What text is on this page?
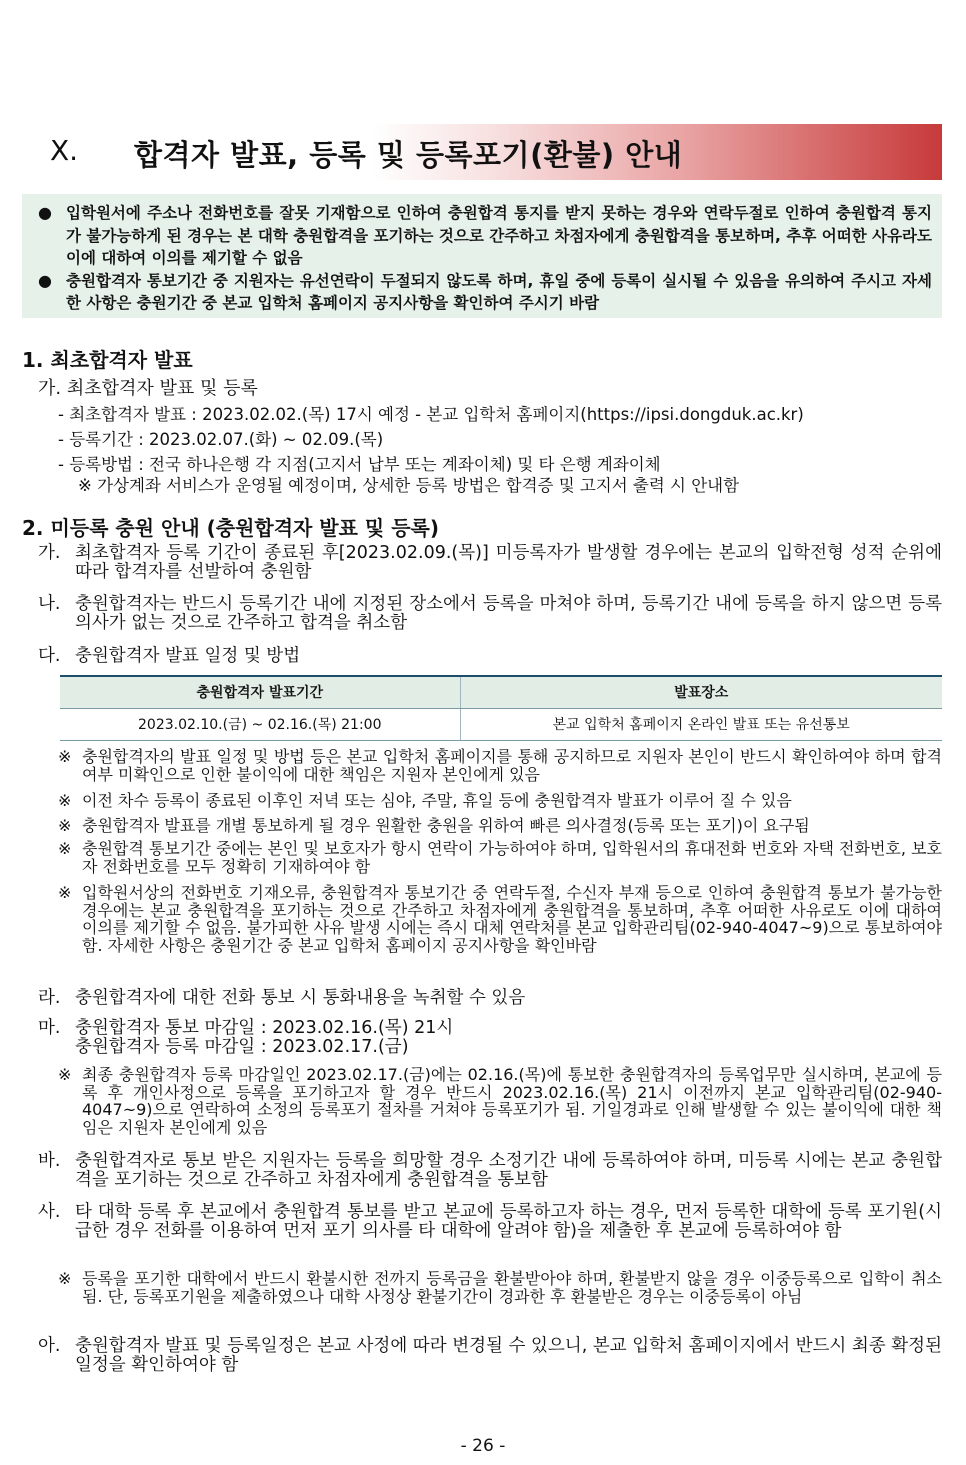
X. 합격자 발표, 등록 및 등록포기(환불) 안내
● 입학원서에 주소나 전화번호를 잘못 기재함으로 인하여 충원합격 통지를 받지 못하는 경우와 연락두절로 인하여 충원합격 통지가 불가능하게 된 경우는 본 대학 충원합격을 포기하는 것으로 간주하고 차점자에게 충원합격을 통보하며, 추후 어떠한 사유라도 이에 대하여 이의를 제기할 수 없음
● 충원합격자 통보기간 중 지원자는 유선연락이 두절되지 않도록 하며, 휴일 중에 등록이 실시될 수 있음을 유의하여 주시고 자세한 사항은 충원기간 중 본교 입학처 홈페이지 공지사항을 확인하여 주시기 바람
1. 최초합격자 발표
가. 최초합격자 발표 및 등록
- 최초합격자 발표 : 2023.02.02.(목) 17시 예정 - 본교 입학처 홈페이지(https://ipsi.dongduk.ac.kr)
- 등록기간 : 2023.02.07.(화) ~ 02.09.(목)
- 등록방법 : 전국 하나은행 각 지점(고지서 납부 또는 계좌이체) 및 타 은행 계좌이체
※ 가상계좌 서비스가 운영될 예정이며, 상세한 등록 방법은 합격증 및 고지서 출력 시 안내함
2. 미등록 충원 안내 (충원합격자 발표 및 등록)
가. 최초합격자 등록 기간이 종료된 후[2023.02.09.(목)] 미등록자가 발생할 경우에는 본교의 입학전형 성적 순위에 따라 합격자를 선발하여 충원함
나. 충원합격자는 반드시 등록기간 내에 지정된 장소에서 등록을 마쳐야 하며, 등록기간 내에 등록을 하지 않으면 등록 의사가 없는 것으로 간주하고 합격을 취소함
다. 충원합격자 발표 일정 및 방법
충원합격자 발표기간	발표장소
2023.02.10.(금) ~ 02.16.(목) 21:00	본교 입학처 홈페이지 온라인 발표 또는 유선통보
※ 충원합격자의 발표 일정 및 방법 등은 본교 입학처 홈페이지를 통해 공지하므로 지원자 본인이 반드시 확인하여야 하며 합격여부 미확인으로 인한 불이익에 대한 책임은 지원자 본인에게 있음
※ 이전 차수 등록이 종료된 이후인 저녁 또는 심야, 주말, 휴일 등에 충원합격자 발표가 이루어 질 수 있음
※ 충원합격자 발표를 개별 통보하게 될 경우 원활한 충원을 위하여 빠른 의사결정(등록 또는 포기)이 요구됨
※ 충원합격 통보기간 중에는 본인 및 보호자가 항시 연락이 가능하여야 하며, 입학원서의 휴대전화 번호와 자택 전화번호, 보호자 전화번호를 모두 정확히 기재하여야 함
※ 입학원서상의 전화번호 기재오류, 충원합격자 통보기간 중 연락두절, 수신자 부재 등으로 인하여 충원합격 통보가 불가능한 경우에는 본교 충원합격을 포기하는 것으로 간주하고 차점자에게 충원합격을 통보하며, 추후 어떠한 사유로도 이에 대하여 이의를 제기할 수 없음. 불가피한 사유 발생 시에는 즉시 대체 연락처를 본교 입학관리팀(02-940-4047~9)으로 통보하여야 함. 자세한 사항은 충원기간 중 본교 입학처 홈페이지 공지사항을 확인바람
라. 충원합격자에 대한 전화 통보 시 통화내용을 녹취할 수 있음
마. 충원합격자 통보 마감일 : 2023.02.16.(목) 21시
충원합격자 등록 마감일 : 2023.02.17.(금)
※ 최종 충원합격자 등록 마감일인 2023.02.17.(금)에는 02.16.(목)에 통보한 충원합격자의 등록업무만 실시하며, 본교에 등록 후 개인사정으로 등록을 포기하고자 할 경우 반드시 2023.02.16.(목) 21시 이전까지 본교 입학관리팀(02-940-4047~9)으로 연락하여 소정의 등록포기 절차를 거쳐야 등록포기가 됨. 기일경과로 인해 발생할 수 있는 불이익에 대한 책임은 지원자 본인에게 있음
바. 충원합격자로 통보 받은 지원자는 등록을 희망할 경우 소정기간 내에 등록하여야 하며, 미등록 시에는 본교 충원합격을 포기하는 것으로 간주하고 차점자에게 충원합격을 통보함
사. 타 대학 등록 후 본교에서 충원합격 통보를 받고 본교에 등록하고자 하는 경우, 먼저 등록한 대학에 등록 포기원(시급한 경우 전화를 이용하여 먼저 포기 의사를 타 대학에 알려야 함)을 제출한 후 본교에 등록하여야 함
※ 등록을 포기한 대학에서 반드시 환불시한 전까지 등록금을 환불받아야 하며, 환불받지 않을 경우 이중등록으로 입학이 취소됨. 단, 등록포기원을 제출하였으나 대학 사정상 환불기간이 경과한 후 환불받은 경우는 이중등록이 아님
아. 충원합격자 발표 및 등록일정은 본교 사정에 따라 변경될 수 있으니, 본교 입학처 홈페이지에서 반드시 최종 확정된 일정을 확인하여야 함
- 26 -
